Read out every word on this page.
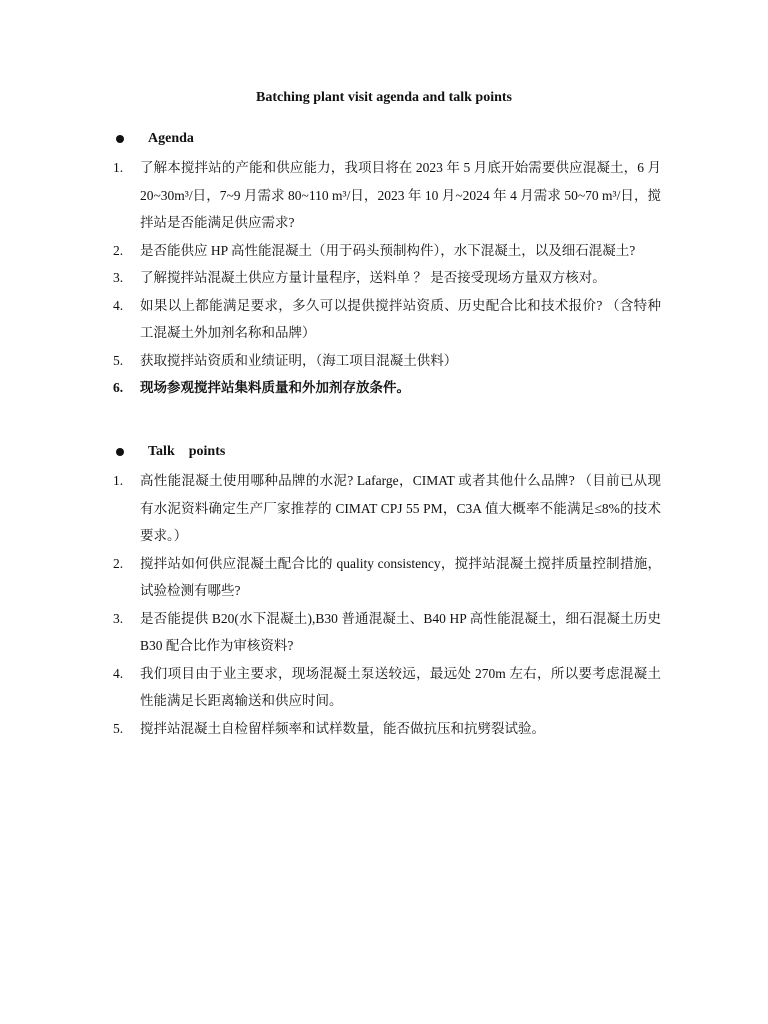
Batching plant visit agenda and talk points
Agenda
1.	了解本搅拌站的产能和供应能力，我项目将在 2023 年 5 月底开始需要供应混凝土，6 月 20~30m³/日，7~9 月需求 80~110 m³/日，2023 年 10 月~2024 年 4 月需求 50~70 m³/日，搅拌站是否能满足供应需求?
2.	是否能供应 HP 高性能混凝土（用于码头预制构件），水下混凝土，以及细石混凝土?
3.	了解搅拌站混凝土供应方量计量程序，送料单 ？ 是否接受现场方量双方核对。
4.	如果以上都能满足要求，多久可以提供搅拌站资质、历史配合比和技术报价? （含特种工混凝土外加剂名称和品牌）
5.	获取搅拌站资质和业绩证明，（海工项目混凝土供料）
6.	现场参观搅拌站集料质量和外加剂存放条件。
Talk    points
1.	高性能混凝土使用哪种品牌的水泥? Lafarge，CIMAT 或者其他什么品牌? （目前已从现有水泥资料确定生产厂家推荐的 CIMAT CPJ 55 PM，C3A 值大概率不能满足≤8%的技术要求。）
2.	搅拌站如何供应混凝土配合比的 quality consistency，搅拌站混凝土搅拌质量控制措施，试验检测有哪些?
3.	是否能提供 B20(水下混凝土),B30 普通混凝土、B40 HP 高性能混凝土，细石混凝土历史 B30 配合比作为审核资料?
4.	我们项目由于业主要求，现场混凝土泵送较远，最远处 270m 左右，所以要考虑混凝土性能满足长距离输送和供应时间。
5.	搅拌站混凝土自检留样频率和试样数量，能否做抗压和抗劈裂试验。
